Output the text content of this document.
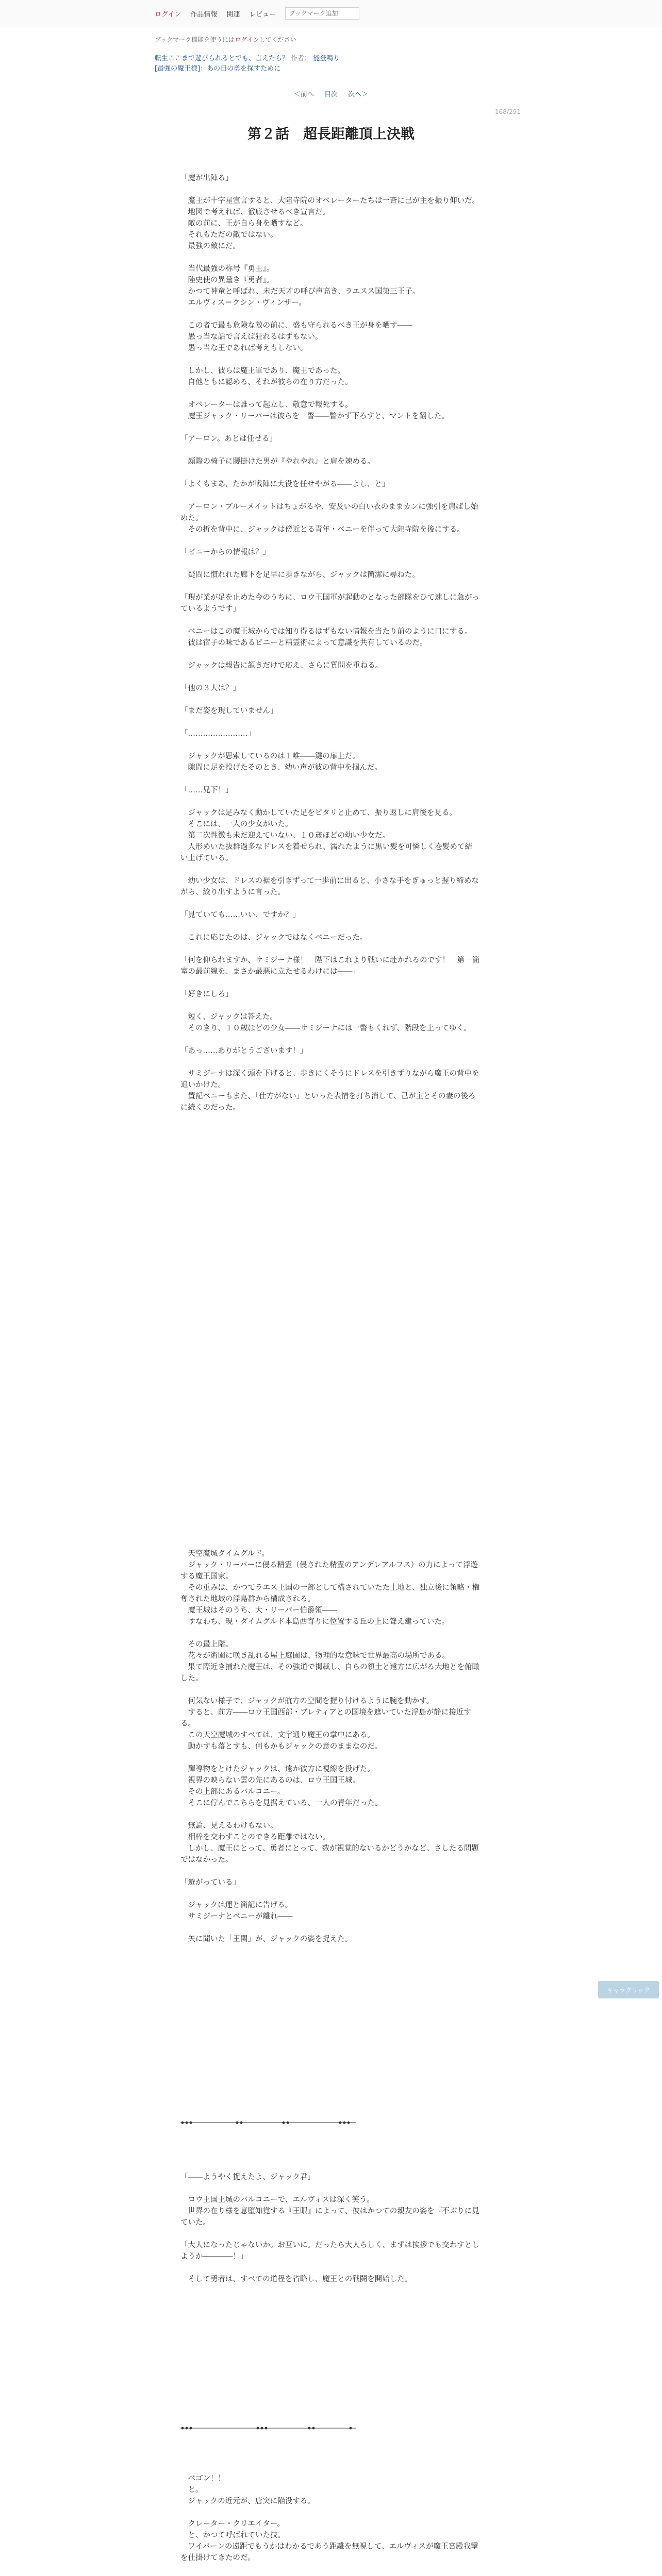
ログイン 作品情報 関連 レビュー
ブックマーク追加
ブックマーク機能を使うにはログインしてください
転生ここまで遊びられるとでも、言えたら？ 作者： 能登鳴り
[最強の魔王様]：あの日の勇を探すために
＜前へ 目次 次へ＞
168/291
第２話　超長距離頂上決戦

「魔が出陣る」

　魔王が十字星宣言すると、大陸寺院のオペレーターたちは一斉に己が主を振り仰いだ。

　地図で考えれば、徹底させるべき宣言だ。

　敵の前に、王が自ら身を晒すなど。

　それもただの敵ではない。

　最強の敵にだ。

　当代最強の称号『勇王』。

　陸史使の異量き『勇者』。

　かつて神童と呼ばれ、未だ天才の呼び声高き、ラエスス国第三王子。

　エルヴィス＝クシン・ヴィンザー。

　この者で最も危険な敵の前に、盛も守られるべき王が身を晒す――

　愚っ当な話で言えば狂れるはずもない。

　愚っ当な王であれば考えもしない。

　しかし、彼らは魔王軍であり、魔王であった。

　自他ともに認める、それが彼らの在り方だった。

　オペレーターは誰って起立し、敬意で報死する。

　魔王ジャック・リーパーは彼らを一瞥――瞥かず下ろすと、マントを翻した。

「アーロン。あとは任せる」

　顔際の椅子に腰掛けた男が『やれやれ』と肩を竦める。

「よくもまあ、たかが戦陣に大役を任せやがる――よし、と」

　アーロン・ブルーメイットはちょがるや、安及いの白い衣のままカンに強引を肩ばし始めた。

　その折を背中に、ジャックは傍近とる青年・ベニーを伴って大陸寺院を後にする。

「ビニーからの情報は？」

　疑問に慣れれた廊下を足早に歩きながら、ジャックは簡潔に尋ねた。

「現が業が足を止めた今のうちに、ロウ王国軍が起動のとなった部隊をひて速しに急がっているようです」

　ベニーはこの魔王城からでは知り得るはずもない情報を当たり前のように口にする。

　彼は宿子の味であるビニーと精霊術によって意識を共有しているのだ。

　ジャックは報告に頷きだけで応え、さらに質問を重ねる。

「他の３人は？」

「まだ姿を現していません」

「……………………」

　ジャックが思索しているのは１唯――鍵の扉上だ。

　隙間に足を投げたそのとき、幼い声が彼の背中を掴んだ。

「……兄下！」

　ジャックは足みなく動かしていた足をピタリと止めて、振り返しに肩後を見る。

　そこには、一人の少女がいた。

　第二次性徴も未だ迎えていない、１０歳ほどの幼い少女だ。

　人形めいた抜群過多なドレスを着せられ、濡れたように黒い髪を可憐しく巻髪めて結い上げている。

　幼い少女は、ドレスの裾を引きずって一歩前に出ると、小さな手をぎゅっと握り締めながら、絞り出すように言った。

「見ていても……いい、ですか？」

　これに応じたのは、ジャックではなくベニーだった。

「何を仰られますか、サミジーナ様！　陛下はこれより戦いに赴かれるのです！　第一簡室の最前線を、まさか最悪に立たせるわけには――」

「好きにしろ」

　短く、ジャックは答えた。

　そのきり、１０歳ほどの少女――サミジーナには一瞥もくれず、階段を上ってゆく。

「あっ……ありがとうございます！」

　サミジーナは深く頭を下げると、歩きにくそうにドレスを引きずりながら魔王の背中を追いかけた。

　置記ベニーもまた、「仕方がない」といった表情を打ち消して、己が主とその妻の後ろに続くのだった。

　天空魔城ダイムグルド。

　ジャック・リーパーに侵る精霊（侵された精霊のアンデレアルフス）の力によって浮遊する魔王国家。

　その重みは、かつてラエス王国の一部として構されていたた土地と、独立後に領略・権奪された地域の浮島群から構成される。

　魔王城はそのうち、大・リーパー伯爵領――

　すなわち、現・ダイムグルド本島西寄りに位置する丘の上に聳え建っていた。

　その最上階。

　花々が術園に咲き乱れる屋上庭園は、物理的な意味で世界最高の場所である。

　果て際近き捕れた魔王は、その強道で掲載し、自らの領土と遠方に広がる大地とを俯瞰した。

　何気ない様子で、ジャックが航方の空間を握り付けるように腕を動かす。

　すると、前方――ロウ王国西部・ブレティアとの国境を遮いていた浮島が静に接近する。

　この天空魔城のすべては、文字通り魔王の掌中にある。

　動かすも落とすも、何もかもジャックの意のままなのだ。

　輝導物をとけたジャックは、遠か彼方に視線を投げた。

　視界の映らない雲の先にあるのは、ロウ王国王城。

　その上部にあるバルコニー。

　そこに佇んでこちらを見据えている、一人の青年だった。

　無論、見えるわけもない。

　相棒を交わすことのできる距離ではない。

　しかし、魔王にとって、勇者にとって、数が視覚的ないるかどうかなど、さしたる問題ではなかった。

「遊がっている」

　ジャックは運と簡記に告げる。

　サミジーナとベニーが離れ――

　矢に聞いた「王関」が、ジャックの姿を捉えた。

「――ようやく捉えたよ、ジャック君」

　ロウ王国王城のバルコニーで、エルヴィスは深く笑う。

　世界の在り様を意堕知覚する『王眼』によって、彼はかつての親友の姿を『不ぶりに見ていた。

「大人になったじゃないか。お互いに。だったら大人らしく、まずは挨拶でも交わすとしようか――――！」

　そして勇者は、すべての道程を省略し、魔王との戦闘を開始した。

　ベゴン！！

　と。

　ジャックの近元が、唐突に陥没する。

　クレーター・クリエイター。

　と、かつて呼ばれていた技。

　ワイバーンの遠距でもうかはわかるであう距離を無視して、エルヴィスが魔王宮殿我撃を仕掛けてきたのだ。

キャラクリック
